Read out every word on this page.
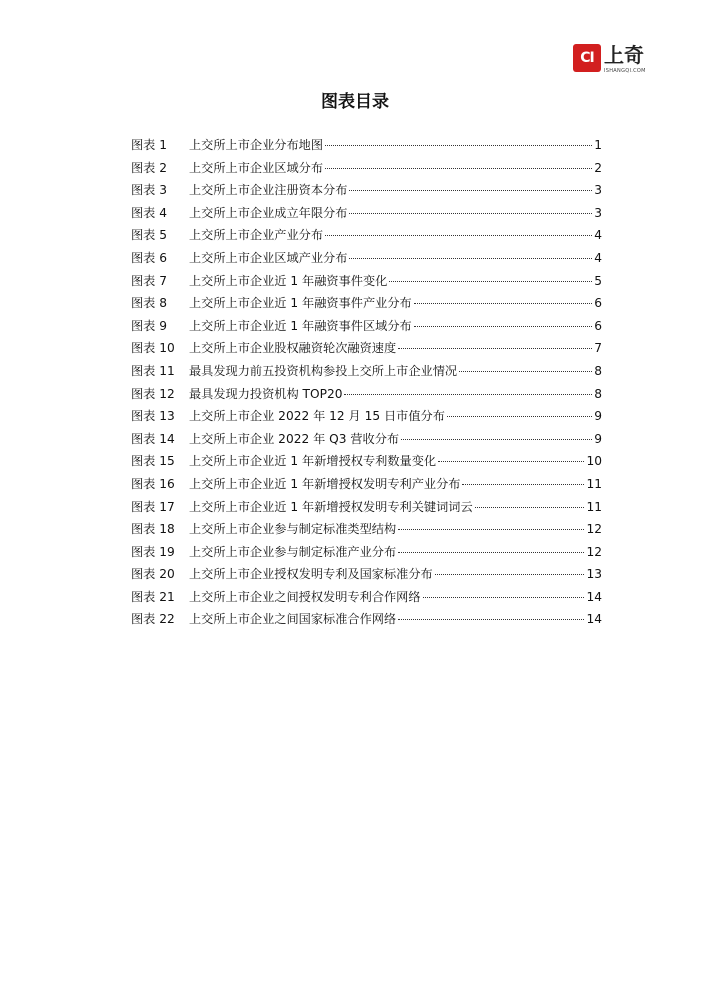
CI 上奇
ISHANGQI.COM
图表目录
图表 1	上交所上市企业分布地图	1
图表 2	上交所上市企业区域分布	2
图表 3	上交所上市企业注册资本分布	3
图表 4	上交所上市企业成立年限分布	3
图表 5	上交所上市企业产业分布	4
图表 6	上交所上市企业区域产业分布	4
图表 7	上交所上市企业近 1 年融资事件变化	5
图表 8	上交所上市企业近 1 年融资事件产业分布	6
图表 9	上交所上市企业近 1 年融资事件区域分布	6
图表 10	上交所上市企业股权融资轮次融资速度	7
图表 11	最具发现力前五投资机构参投上交所上市企业情况	8
图表 12	最具发现力投资机构 TOP20	8
图表 13	上交所上市企业 2022 年 12 月 15 日市值分布	9
图表 14	上交所上市企业 2022 年 Q3 营收分布	9
图表 15	上交所上市企业近 1 年新增授权专利数量变化	10
图表 16	上交所上市企业近 1 年新增授权发明专利产业分布	11
图表 17	上交所上市企业近 1 年新增授权发明专利关键词词云	11
图表 18	上交所上市企业参与制定标准类型结构	12
图表 19	上交所上市企业参与制定标准产业分布	12
图表 20	上交所上市企业授权发明专利及国家标准分布	13
图表 21	上交所上市企业之间授权发明专利合作网络	14
图表 22	上交所上市企业之间国家标准合作网络	14
